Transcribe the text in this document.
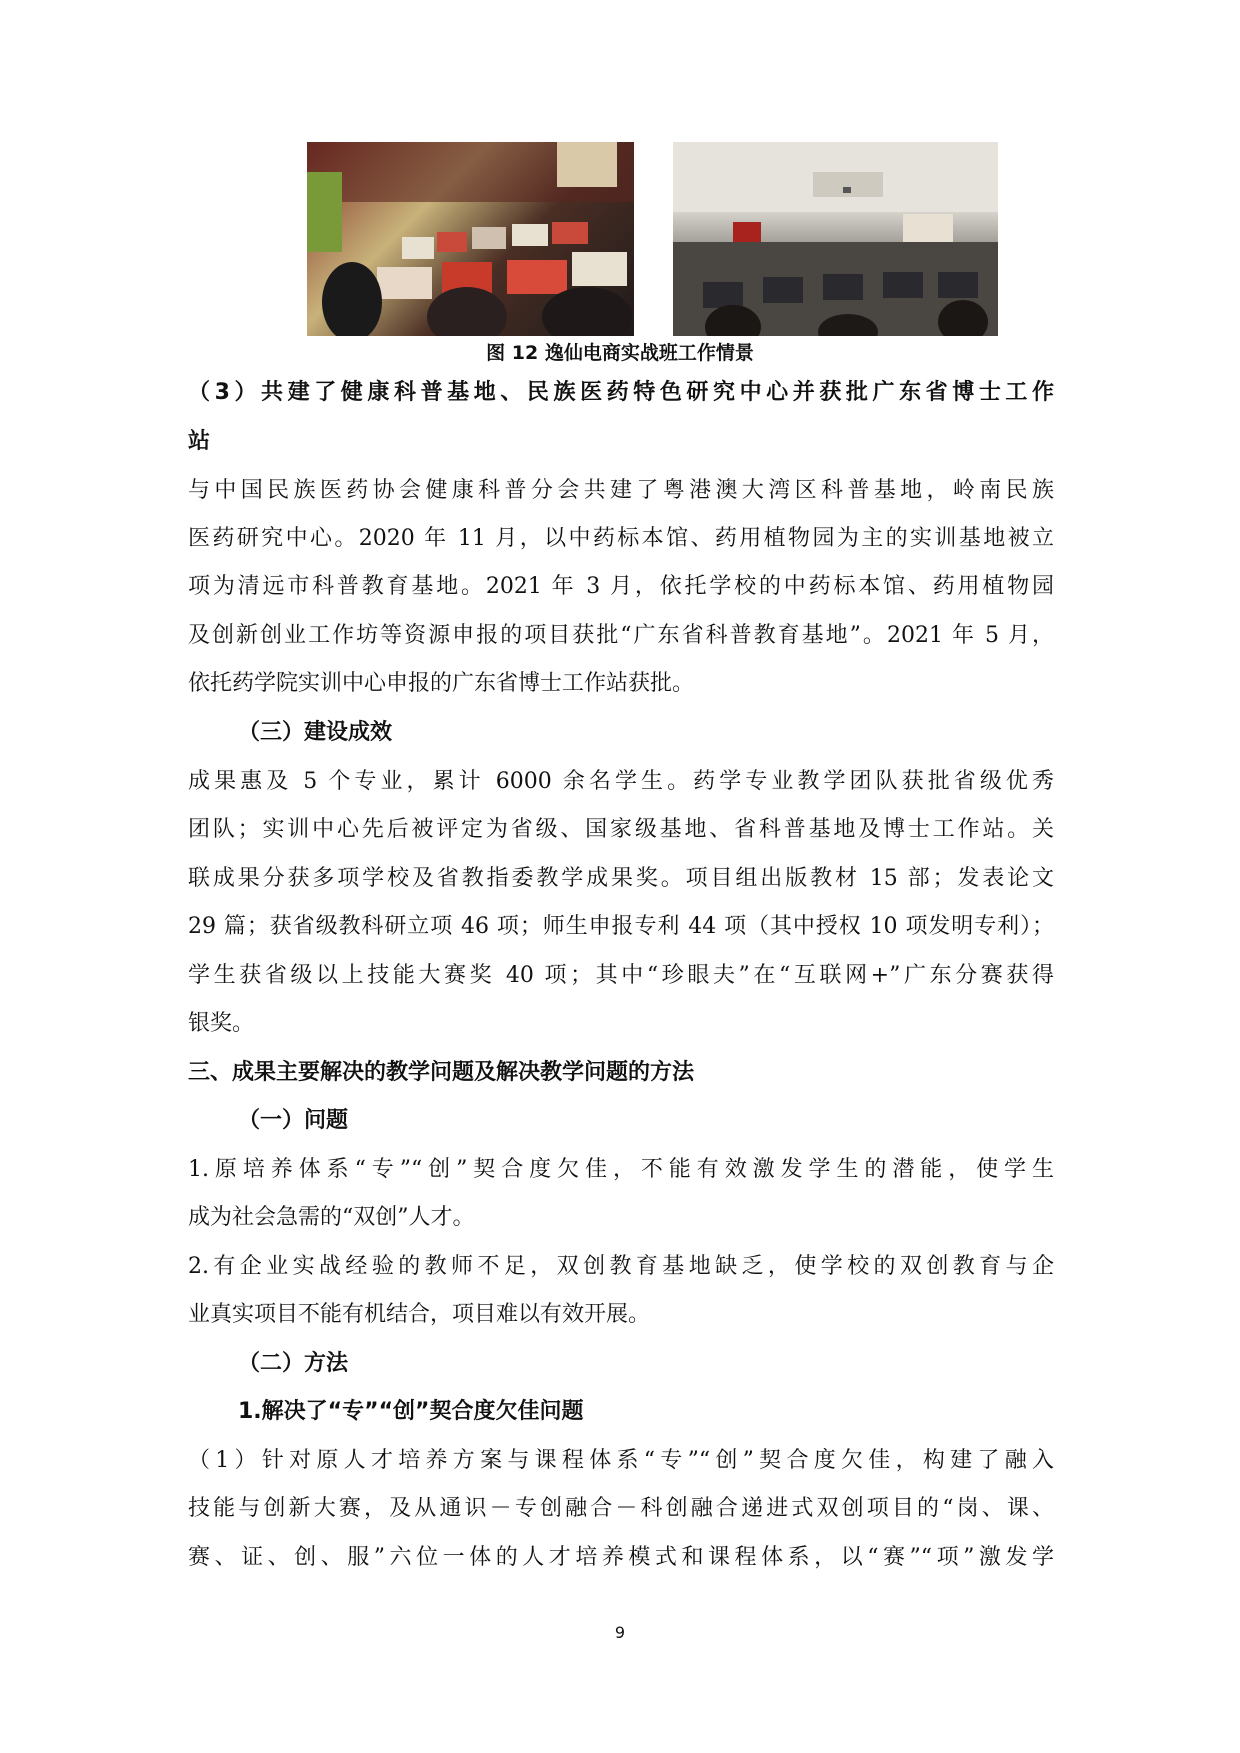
图 12 逸仙电商实战班工作情景
（3）共建了健康科普基地、民族医药特色研究中心并获批广东省博士工作
站
与中国民族医药协会健康科普分会共建了粤港澳大湾区科普基地，岭南民族
医药研究中心。2020 年 11 月，以中药标本馆、药用植物园为主的实训基地被立
项为清远市科普教育基地。2021 年 3 月，依托学校的中药标本馆、药用植物园
及创新创业工作坊等资源申报的项目获批“广东省科普教育基地”。2021 年 5 月，
依托药学院实训中心申报的广东省博士工作站获批。
（三）建设成效
成果惠及 5 个专业，累计 6000 余名学生。药学专业教学团队获批省级优秀
团队；实训中心先后被评定为省级、国家级基地、省科普基地及博士工作站。关
联成果分获多项学校及省教指委教学成果奖。项目组出版教材 15 部；发表论文
29 篇；获省级教科研立项 46 项；师生申报专利 44 项（其中授权 10 项发明专利）；
学生获省级以上技能大赛奖 40 项；其中“珍眼夫”在“互联网+”广东分赛获得
银奖。
三、成果主要解决的教学问题及解决教学问题的方法
（一）问题
1.原培养体系“专”“创”契合度欠佳，不能有效激发学生的潜能，使学生
成为社会急需的“双创”人才。
2.有企业实战经验的教师不足，双创教育基地缺乏，使学校的双创教育与企
业真实项目不能有机结合，项目难以有效开展。
（二）方法
1.解决了“专”“创”契合度欠佳问题
（1）针对原人才培养方案与课程体系“专”“创”契合度欠佳，构建了融入
技能与创新大赛，及从通识－专创融合－科创融合递进式双创项目的“岗、课、
赛、证、创、服”六位一体的人才培养模式和课程体系，以“赛”“项”激发学
9
